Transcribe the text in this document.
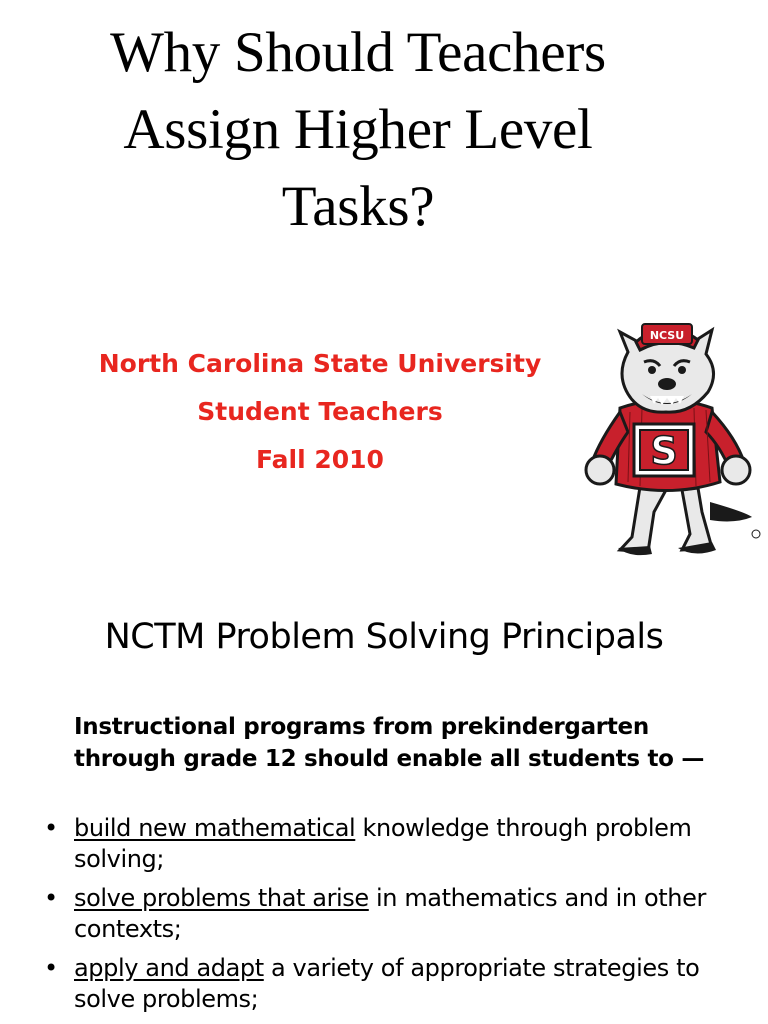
Why Should Teachers
Assign Higher Level
Tasks?
North Carolina State University
Student Teachers
Fall 2010	S
NCSU
NCTM Problem Solving Principals
Instructional programs from prekindergarten through grade 12 should enable all students to —
• build new mathematical knowledge through problem solving;
• solve problems that arise in mathematics and in other contexts;
• apply and adapt a variety of appropriate strategies to solve problems;
